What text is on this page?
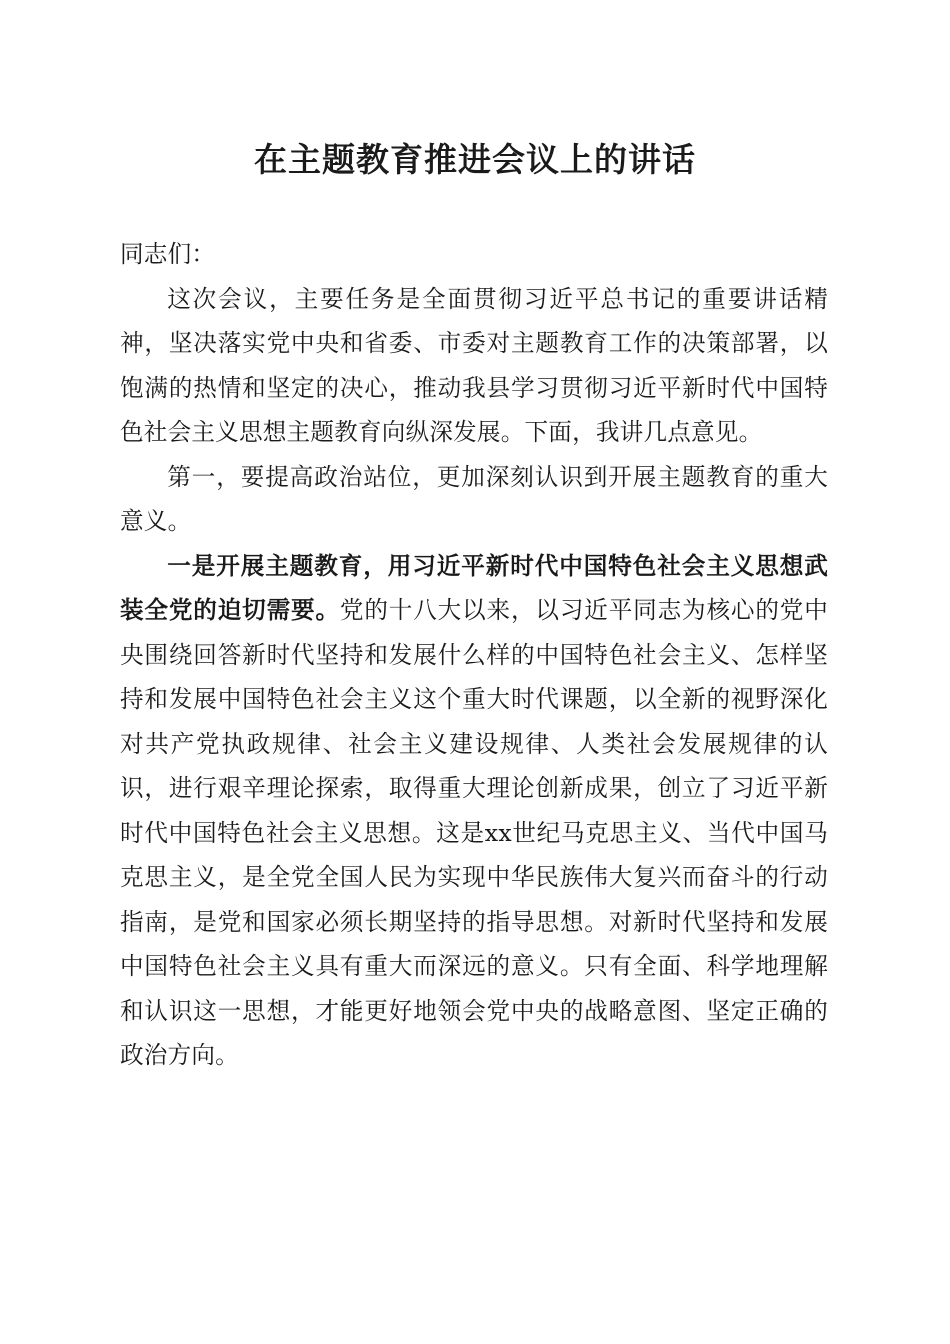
在主题教育推进会议上的讲话

同志们：

这次会议，主要任务是全面贯彻习近平总书记的重要讲话精神，坚决落实党中央和省委、市委对主题教育工作的决策部署，以饱满的热情和坚定的决心，推动我县学习贯彻习近平新时代中国特色社会主义思想主题教育向纵深发展。下面，我讲几点意见。

第一，要提高政治站位，更加深刻认识到开展主题教育的重大意义。

一是开展主题教育，用习近平新时代中国特色社会主义思想武装全党的迫切需要。党的十八大以来，以习近平同志为核心的党中央围绕回答新时代坚持和发展什么样的中国特色社会主义、怎样坚持和发展中国特色社会主义这个重大时代课题，以全新的视野深化对共产党执政规律、社会主义建设规律、人类社会发展规律的认识，进行艰辛理论探索，取得重大理论创新成果，创立了习近平新时代中国特色社会主义思想。这是xx世纪马克思主义、当代中国马克思主义，是全党全国人民为实现中华民族伟大复兴而奋斗的行动指南，是党和国家必须长期坚持的指导思想。对新时代坚持和发展中国特色社会主义具有重大而深远的意义。只有全面、科学地理解和认识这一思想，才能更好地领会党中央的战略意图、坚定正确的政治方向。
